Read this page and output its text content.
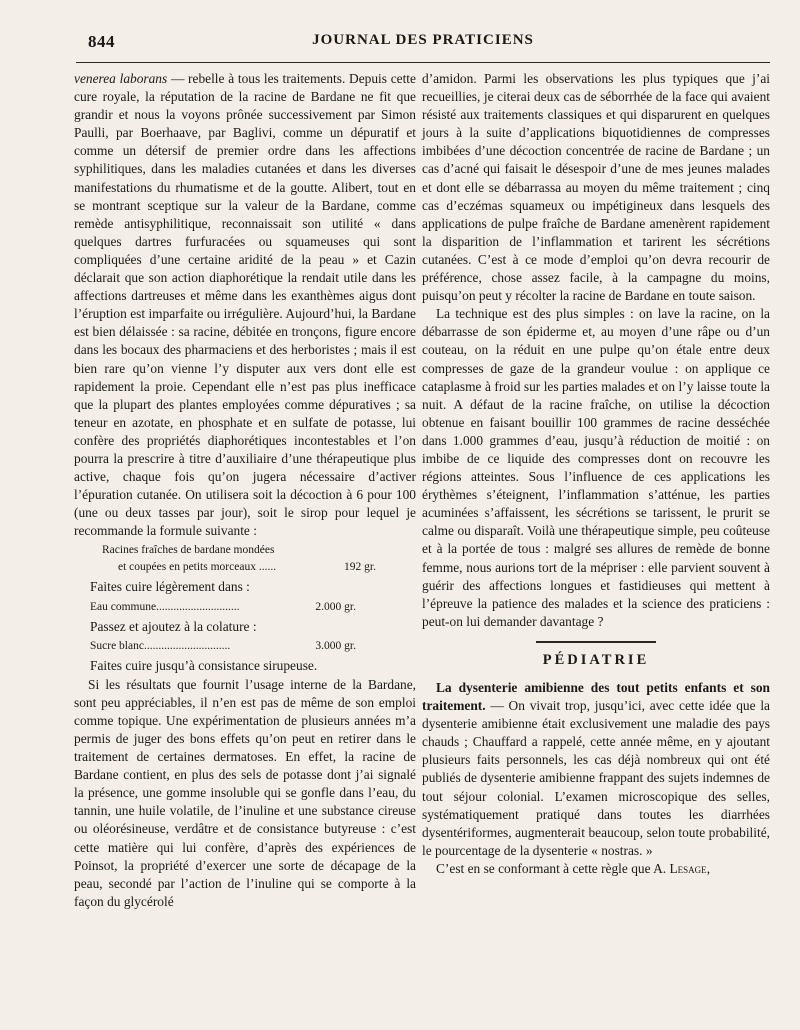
844	JOURNAL DES PRATICIENS

venerea laborans — rebelle à tous les traitements. Depuis cette cure royale, la réputation de la racine de Bardane ne fit que grandir et nous la voyons prônée successivement par Simon Paulli, par Boerhaave, par Baglivi, comme un dépuratif et comme un détersif de premier ordre dans les affections syphilitiques, dans les maladies cutanées et dans les diverses manifestations du rhumatisme et de la goutte. Alibert, tout en se montrant sceptique sur la valeur de la Bardane, comme remède antisyphilitique, reconnaissait son utilité « dans quelques dartres furfuracées ou squameuses qui sont compliquées d’une certaine aridité de la peau » et Cazin déclarait que son action diaphorétique la rendait utile dans les affections dartreuses et même dans les exanthèmes aigus dont l’éruption est imparfaite ou irrégulière. Aujourd’hui, la Bardane est bien délaissée : sa racine, débitée en tronçons, figure encore dans les bocaux des pharmaciens et des herboristes ; mais il est bien rare qu’on vienne l’y disputer aux vers dont elle est rapidement la proie. Cependant elle n’est pas plus inefficace que la plupart des plantes employées comme dépuratives ; sa teneur en azotate, en phosphate et en sulfate de potasse, lui confère des propriétés diaphorétiques incontestables et l’on pourra la prescrire à titre d’auxiliaire d’une thérapeutique plus active, chaque fois qu’on jugera nécessaire d’activer l’épuration cutanée. On utilisera soit la décoction à 6 pour 100 (une ou deux tasses par jour), soit le sirop pour lequel je recommande la formule suivante :

Racines fraîches de bardane mondées
et coupées en petits morceaux ......	192 gr.
Faites cuire légèrement dans :
Eau commune.............................	2.000 gr.
Passez et ajoutez à la colature :
Sucre blanc..............................	3.000 gr.
Faites cuire jusqu’à consistance sirupeuse.

Si les résultats que fournit l’usage interne de la Bardane, sont peu appréciables, il n’en est pas de même de son emploi comme topique. Une expérimentation de plusieurs années m’a permis de juger des bons effets qu’on peut en retirer dans le traitement de certaines dermatoses. En effet, la racine de Bardane contient, en plus des sels de potasse dont j’ai signalé la présence, une gomme insoluble qui se gonfle dans l’eau, du tannin, une huile volatile, de l’inuline et une substance cireuse ou oléorésineuse, verdâtre et de consistance butyreuse : c’est cette matière qui lui confère, d’après des expériences de Poinsot, la propriété d’exercer une sorte de décapage de la peau, secondé par l’action de l’inuline qui se comporte à la façon du glycérolé

d’amidon. Parmi les observations les plus typiques que j’ai recueillies, je citerai deux cas de séborrhée de la face qui avaient résisté aux traitements classiques et qui disparurent en quelques jours à la suite d’applications biquotidiennes de compresses imbibées d’une décoction concentrée de racine de Bardane ; un cas d’acné qui faisait le désespoir d’une de mes jeunes malades et dont elle se débarrassa au moyen du même traitement ; cinq cas d’eczémas squameux ou impétigineux dans lesquels des applications de pulpe fraîche de Bardane amenèrent rapidement la disparition de l’inflammation et tarirent les sécrétions cutanées. C’est à ce mode d’emploi qu’on devra recourir de préférence, chose assez facile, à la campagne du moins, puisqu’on peut y récolter la racine de Bardane en toute saison.

La technique est des plus simples : on lave la racine, on la débarrasse de son épiderme et, au moyen d’une râpe ou d’un couteau, on la réduit en une pulpe qu’on étale entre deux compresses de gaze de la grandeur voulue : on applique ce cataplasme à froid sur les parties malades et on l’y laisse toute la nuit. A défaut de la racine fraîche, on utilise la décoction obtenue en faisant bouillir 100 grammes de racine desséchée dans 1.000 grammes d’eau, jusqu’à réduction de moitié : on imbibe de ce liquide des compresses dont on recouvre les régions atteintes. Sous l’influence de ces applications les érythèmes s’éteignent, l’inflammation s’atténue, les parties acuminées s’affaissent, les sécrétions se tarissent, le prurit se calme ou disparaît. Voilà une thérapeutique simple, peu coûteuse et à la portée de tous : malgré ses allures de remède de bonne femme, nous aurions tort de la mépriser : elle parvient souvent à guérir des affections longues et fastidieuses qui mettent à l’épreuve la patience des malades et la science des praticiens : peut-on lui demander davantage ?

PÉDIATRIE

La dysenterie amibienne des tout petits enfants et son traitement. — On vivait trop, jusqu’ici, avec cette idée que la dysenterie amibienne était exclusivement une maladie des pays chauds ; Chauffard a rappelé, cette année même, en y ajoutant plusieurs faits personnels, les cas déjà nombreux qui ont été publiés de dysenterie amibienne frappant des sujets indemnes de tout séjour colonial. L’examen microscopique des selles, systématiquement pratiqué dans toutes les diarrhées dysentériformes, augmenterait beaucoup, selon toute probabilité, le pourcentage de la dysenterie « nostras. »

C’est en se conformant à cette règle que A. Lesage,
